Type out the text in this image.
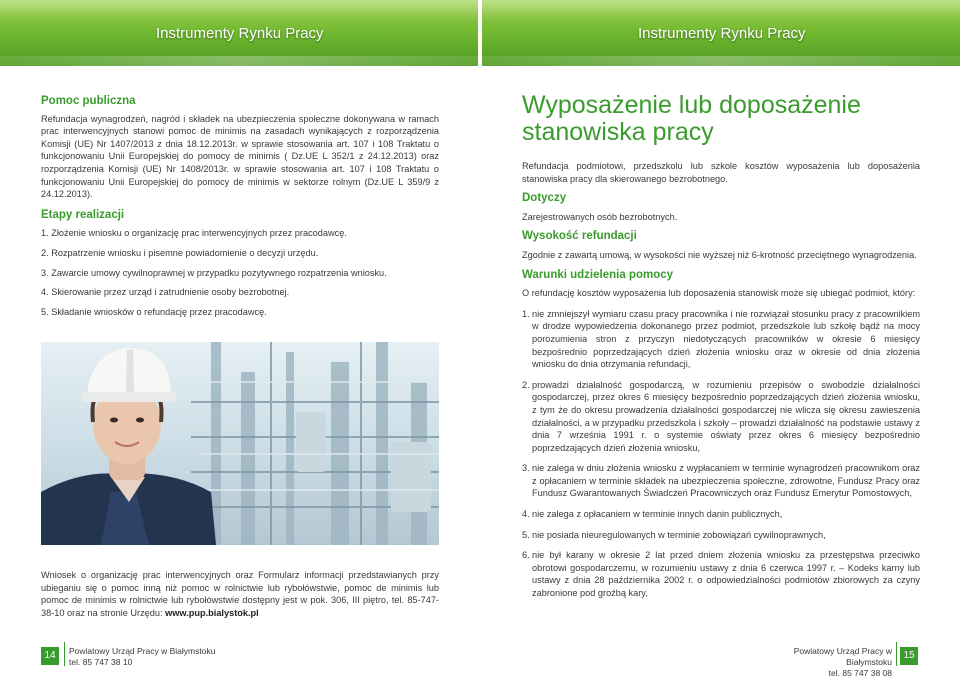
Instrumenty Rynku Pracy	Instrumenty Rynku Pracy
Pomoc publiczna

Refundacja wynagrodzeń, nagród i składek na ubezpieczenia społeczne dokonywana w ramach prac interwencyjnych stanowi pomoc de minimis na zasadach wynikających z rozporządzenia Komisji (UE) Nr 1407/2013 z dnia 18.12.2013r. w sprawie stosowania art. 107 i 108 Traktatu o funkcjonowaniu Unii Europejskiej do pomocy de minimis ( Dz.UE L 352/1 z 24.12.2013) oraz rozporządzenia Komisji (UE) Nr 1408/2013r. w sprawie stosowania art. 107 i 108 Traktatu o funkcjonowaniu Unii Europejskiej do pomocy de minimis w sektorze rolnym (Dz.UE L 359/9 z 24.12.2013).

Etapy realizacji
1. Złożenie wniosku o organizację prac interwencyjnych przez pracodawcę.
2. Rozpatrzenie wniosku i pisemne powiadomienie o decyzji urzędu.
3. Zawarcie umowy cywilnoprawnej w przypadku pozytywnego rozpatrzenia wniosku.
4. Skierowanie przez urząd i zatrudnienie osoby bezrobotnej.
5. Składanie wniosków o refundację przez pracodawcę.
Wniosek o organizację prac interwencyjnych oraz Formularz informacji przedstawianych przy ubieganiu się o pomoc inną niż pomoc w rolnictwie lub rybołówstwie, pomoc de minimis lub pomoc de minimis w rolnictwie lub rybołówstwie dostępny jest w pok. 306, III piętro, tel. 85-747-38-10 oraz na stronie Urzędu: www.pup.bialystok.pl
Wyposażenie lub doposażenie stanowiska pracy

Refundacja podmiotowi, przedszkolu lub szkole kosztów wyposażenia lub doposażenia stanowiska pracy dla skierowanego bezrobotnego.

Dotyczy

Zarejestrowanych osób bezrobotnych.

Wysokość refundacji

Zgodnie z zawartą umową, w wysokości nie wyższej niż 6-krotność przeciętnego wynagrodzenia.

Warunki udzielenia pomocy

O refundację kosztów wyposażenia lub doposażenia stanowisk może się ubiegać podmiot, który:

1. nie zmniejszył wymiaru czasu pracy pracownika i nie rozwiązał stosunku pracy z pracownikiem w drodze wypowiedzenia dokonanego przez podmiot, przedszkole lub szkołę bądź na mocy porozumienia stron z przyczyn niedotyczących pracowników w okresie 6 miesięcy bezpośrednio poprzedzających dzień złożenia wniosku oraz w okresie od dnia złożenia wniosku do dnia otrzymania refundacji,
2. prowadzi działalność gospodarczą, w rozumieniu przepisów o swobodzie działalności gospodarczej, przez okres 6 miesięcy bezpośrednio poprzedzających dzień złożenia wniosku, z tym że do okresu prowadzenia działalności gospodarczej nie wlicza się okresu zawieszenia działalności, a w przypadku przedszkola i szkoły – prowadzi działalność na podstawie ustawy z dnia 7 września 1991 r. o systemie oświaty przez okres 6 miesięcy bezpośrednio poprzedzających dzień złożenia wniosku,
3. nie zalega w dniu złożenia wniosku z wypłacaniem w terminie wynagrodzeń pracownikom oraz z opłacaniem w terminie składek na ubezpieczenia społeczne, zdrowotne, Fundusz Pracy oraz Fundusz Gwarantowanych Świadczeń Pracowniczych oraz Fundusz Emerytur Pomostowych,
4. nie zalega z opłacaniem w terminie innych danin publicznych,
5. nie posiada nieuregulowanych w terminie zobowiązań cywilnoprawnych,
6. nie był karany w okresie 2 lat przed dniem złożenia wniosku za przestępstwa przeciwko obrotowi gospodarczemu, w rozumieniu ustawy z dnia 6 czerwca 1997 r. – Kodeks karny lub ustawy z dnia 28 października 2002 r. o odpowiedzialności podmiotów zbiorowych za czyny zabronione pod groźbą kary,
14	Powiatowy Urząd Pracy w Białymstoku
tel. 85 747 38 10
Powiatowy Urząd Pracy w Białymstoku
tel. 85 747 38 08
15
